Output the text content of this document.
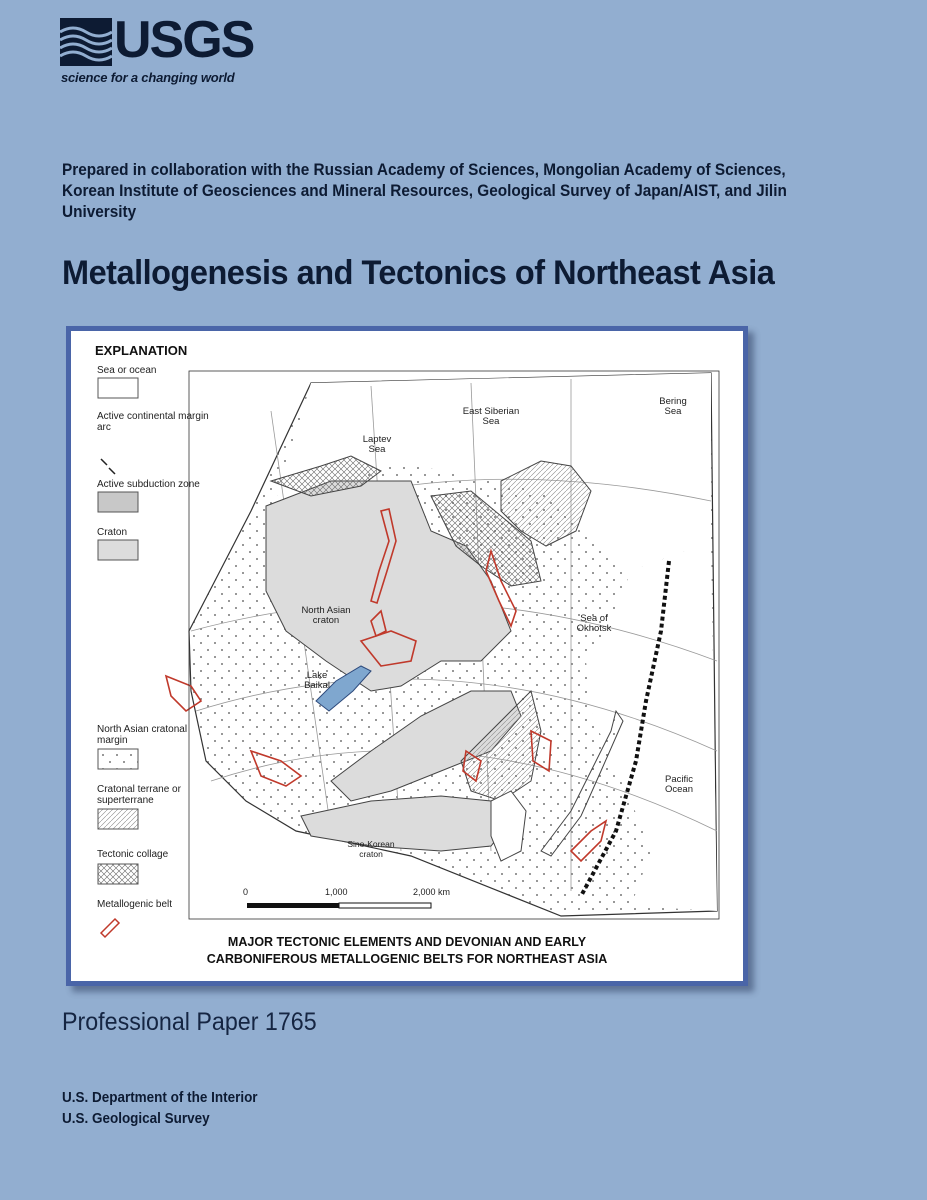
USGS
science for a changing world
Prepared in collaboration with the Russian Academy of Sciences, Mongolian Academy of Sciences, Korean Institute of Geosciences and Mineral Resources, Geological Survey of Japan/AIST, and Jilin University
Metallogenesis and Tectonics of Northeast Asia
EXPLANATION
Sea or ocean
Active continental margin arc
Active subduction zone
Craton
North Asian cratonal margin
Cratonal terrane or superterrane
Tectonic collage
Metallogenic belt
East Siberian Sea
Laptev Sea
Bering Sea
North Asian craton
Lake Baikal
Sea of Okhotsk
Pacific Ocean
Sino-Korean craton
0	1,000	2,000 km
MAJOR TECTONIC ELEMENTS AND DEVONIAN AND EARLY
CARBONIFEROUS METALLOGENIC BELTS FOR NORTHEAST ASIA
Professional Paper 1765
U.S. Department of the Interior
U.S. Geological Survey
